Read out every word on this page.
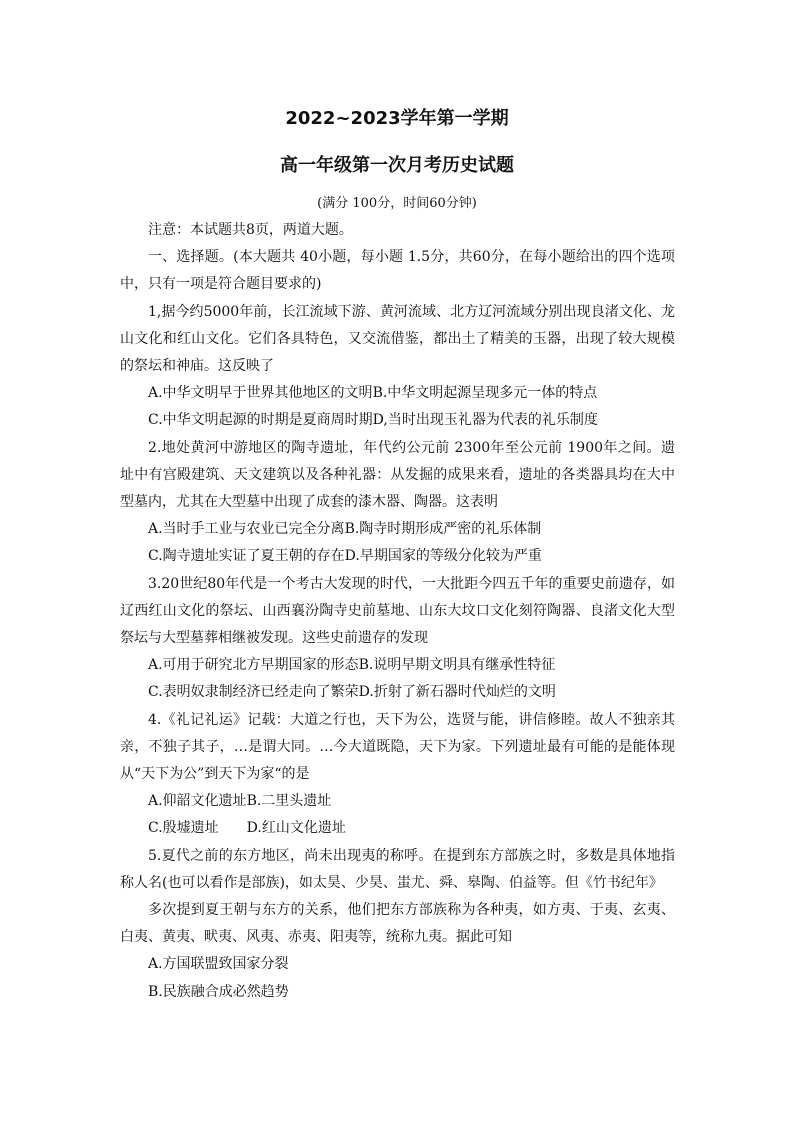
2022~2023学年第一学期
高一年级第一次月考历史试题
(满分 100分，时间60分钟)

注意：本试题共8页，两道大题。

一、选择题。(本大题共 40小题，每小题 1.5分，共60分，在每小题给出的四个选项中，只有一项是符合题目要求的)

1,据今约5000年前，长江流域下游、黄河流域、北方辽河流域分别出现良渚文化、龙山文化和红山文化。它们各具特色，又交流借鉴，都出土了精美的玉器，出现了较大规模的祭坛和神庙。这反映了

A.中华文明早于世界其他地区的文明B.中华文明起源呈现多元一体的特点

C.中华文明起源的时期是夏商周时期D,当时出现玉礼器为代表的礼乐制度

2.地处黄河中游地区的陶寺遗址，年代约公元前 2300年至公元前 1900年之间。遗址中有宫殿建筑、天文建筑以及各种礼器：从发掘的成果来看，遗址的各类器具均在大中型墓内，尤其在大型墓中出现了成套的漆木器、陶器。这表明

A.当时手工业与农业已完全分离B.陶寺时期形成严密的礼乐体制

C.陶寺遗址实证了夏王朝的存在D.早期国家的等级分化较为严重

3.20世纪80年代是一个考古大发现的时代，一大批距今四五千年的重要史前遗存，如辽西红山文化的祭坛、山西襄汾陶寺史前墓地、山东大坟口文化刻符陶器、良渚文化大型祭坛与大型墓葬相继被发现。这些史前遗存的发现

A.可用于研究北方早期国家的形态B.说明早期文明具有继承性特征

C.表明奴隶制经济已经走向了繁荣D.折射了新石器时代灿烂的文明

4.《礼记礼运》记载：大道之行也，天下为公，选贤与能，讲信修睦。故人不独亲其亲，不独子其子，…是谓大同。…今大道既隐，天下为家。下列遗址最有可能的是能体现从“天下为公”到天下为家“的是

A.仰韶文化遗址B.二里头遗址

C.殷墟遗址 D.红山文化遗址

5.夏代之前的东方地区，尚未出现夷的称呼。在提到东方部族之时，多数是具体地指称人名(也可以看作是部族)，如太昊、少昊、蚩尤、舜、皋陶、伯益等。但《竹书纪年》

多次提到夏王朝与东方的关系，他们把东方部族称为各种夷，如方夷、于夷、玄夷、白夷、黄夷、畎夷、风夷、赤夷、阳夷等，统称九夷。据此可知

A.方国联盟致国家分裂

B.民族融合成必然趋势
